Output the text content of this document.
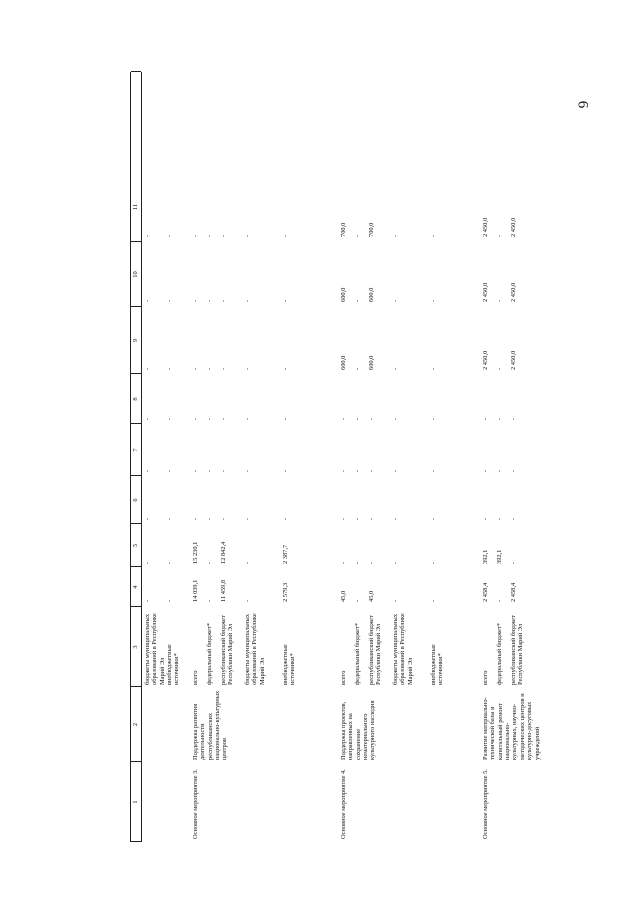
6
1
2
3
4
5
6
7
8
9
10
11
бюджеты муниципальных образований в Республике Марий Эл
-
-
-
-
-
-
-
-
внебюджетные источники*
-
-
-
-
-
-
-
-
Основное мероприятие 3.
Поддержка развития деятельности республиканских национально-культурных центров
всего
14 039,1
15 230,1
-
-
-
-
-
-
федеральный бюджет*
-
-
-
-
-
-
-
-
республиканский бюджет Республики Марий Эл
11 459,8
12 842,4
-
-
-
-
-
-
бюджеты муниципальных образований в Республике Марий Эл
-
-
-
-
-
-
-
-
внебюджетные источники*
2 579,3
2 387,7
-
-
-
-
-
-
Основное мероприятие 4.
Поддержка проектов, направленных на сохранение нематериального культурного наследия
всего
45,0
-
-
-
-
600,0
600,0
700,0
федеральный бюджет*
-
-
-
-
-
-
-
-
республиканский бюджет Республики Марий Эл
45,0
-
-
-
-
600,0
600,0
700,0
бюджеты муниципальных образований в Республике Марий Эл
-
-
-
-
-
-
-
-
внебюджетные источники*
-
-
-
-
-
-
-
-
Основное мероприятие 5.
Развитие материально-технической базы и капитальный ремонт национально-культурных, научно-методических центров и культурно-досуговых учреждений
всего
2 458,4
392,1
-
-
-
2 450,0
2 450,0
2 450,0
федеральный бюджет*
-
392,1
-
-
-
-
-
-
республиканский бюджет Республики Марий Эл
2 458,4
-
-
-
-
2 450,0
2 450,0
2 450,0
